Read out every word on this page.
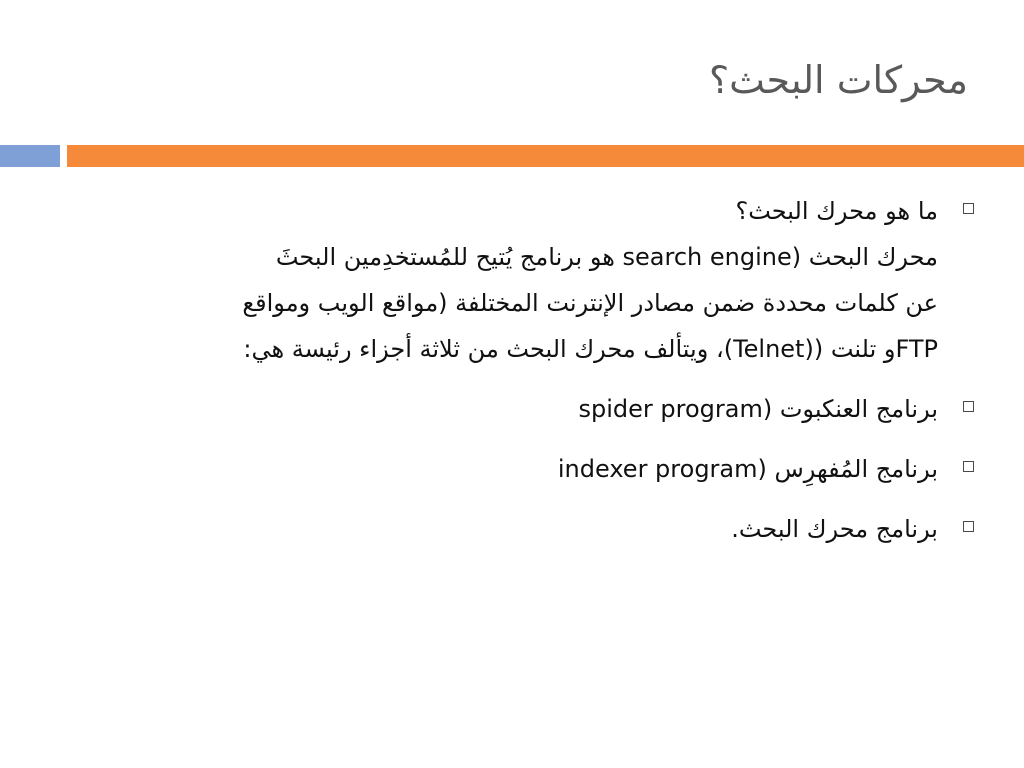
محركات البحث؟
ما هو محرك البحث؟
محرك البحث (search engine هو برنامج يُتيح للمُستخدِمين البحثَ
عن كلمات محددة ضمن مصادر الإنترنت المختلفة (مواقع الويب ومواقع
FTPو تلنت ((Telnet)، ويتألف محرك البحث من ثلاثة أجزاء رئيسة هي:
برنامج العنكبوت (spider program
برنامج المُفهرِس (indexer program
برنامج محرك البحث.
